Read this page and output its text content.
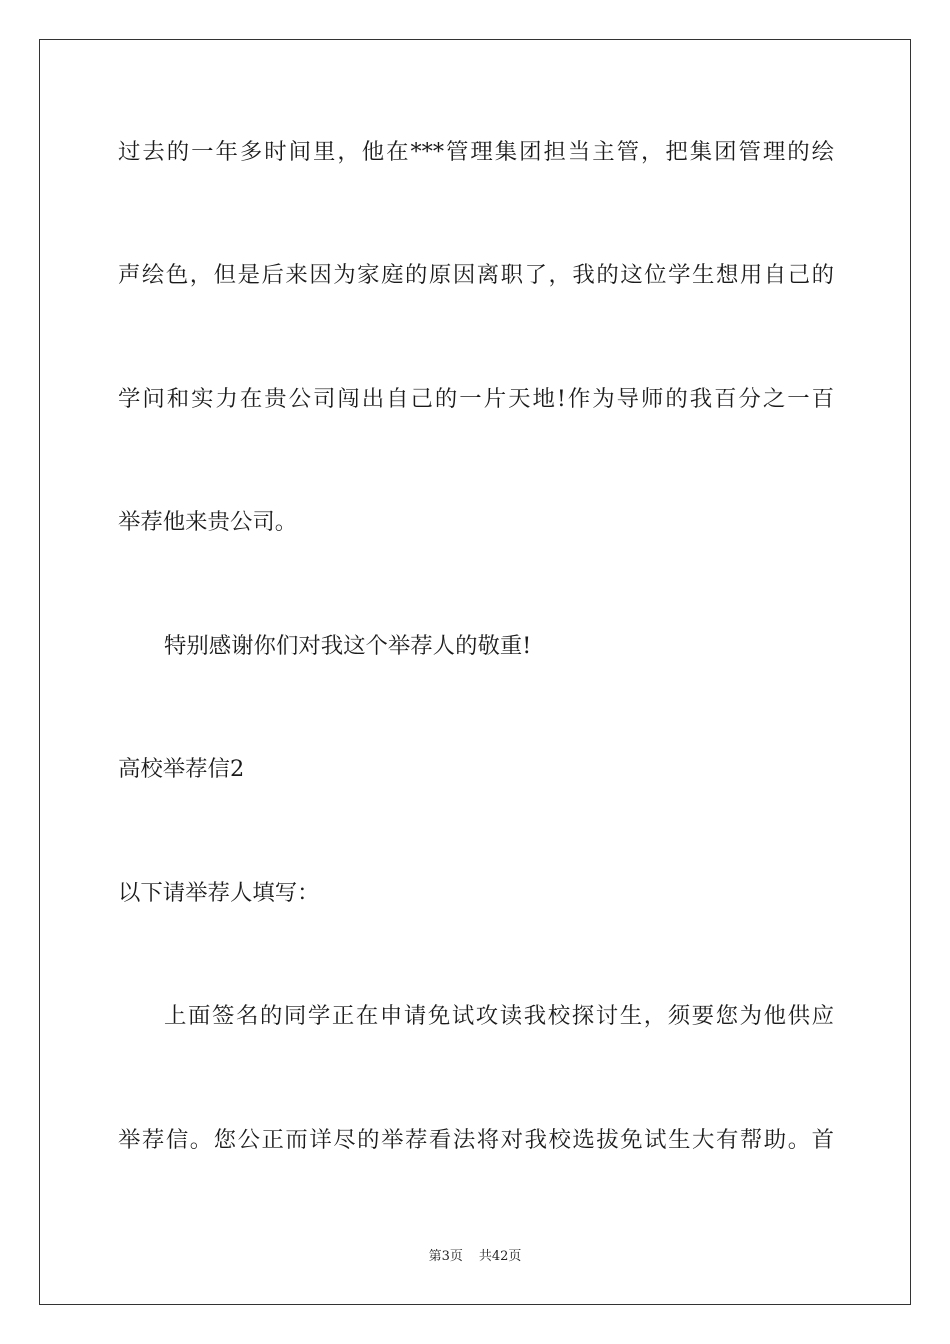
过去的一年多时间里，他在***管理集团担当主管，把集团管理的绘
声绘色，但是后来因为家庭的原因离职了，我的这位学生想用自己的
学问和实力在贵公司闯出自己的一片天地!作为导师的我百分之一百
举荐他来贵公司。
特别感谢你们对我这个举荐人的敬重!
高校举荐信2
以下请举荐人填写：
上面签名的同学正在申请免试攻读我校探讨生，须要您为他供应
举荐信。您公正而详尽的举荐看法将对我校选拔免试生大有帮助。首
第3页 共42页
